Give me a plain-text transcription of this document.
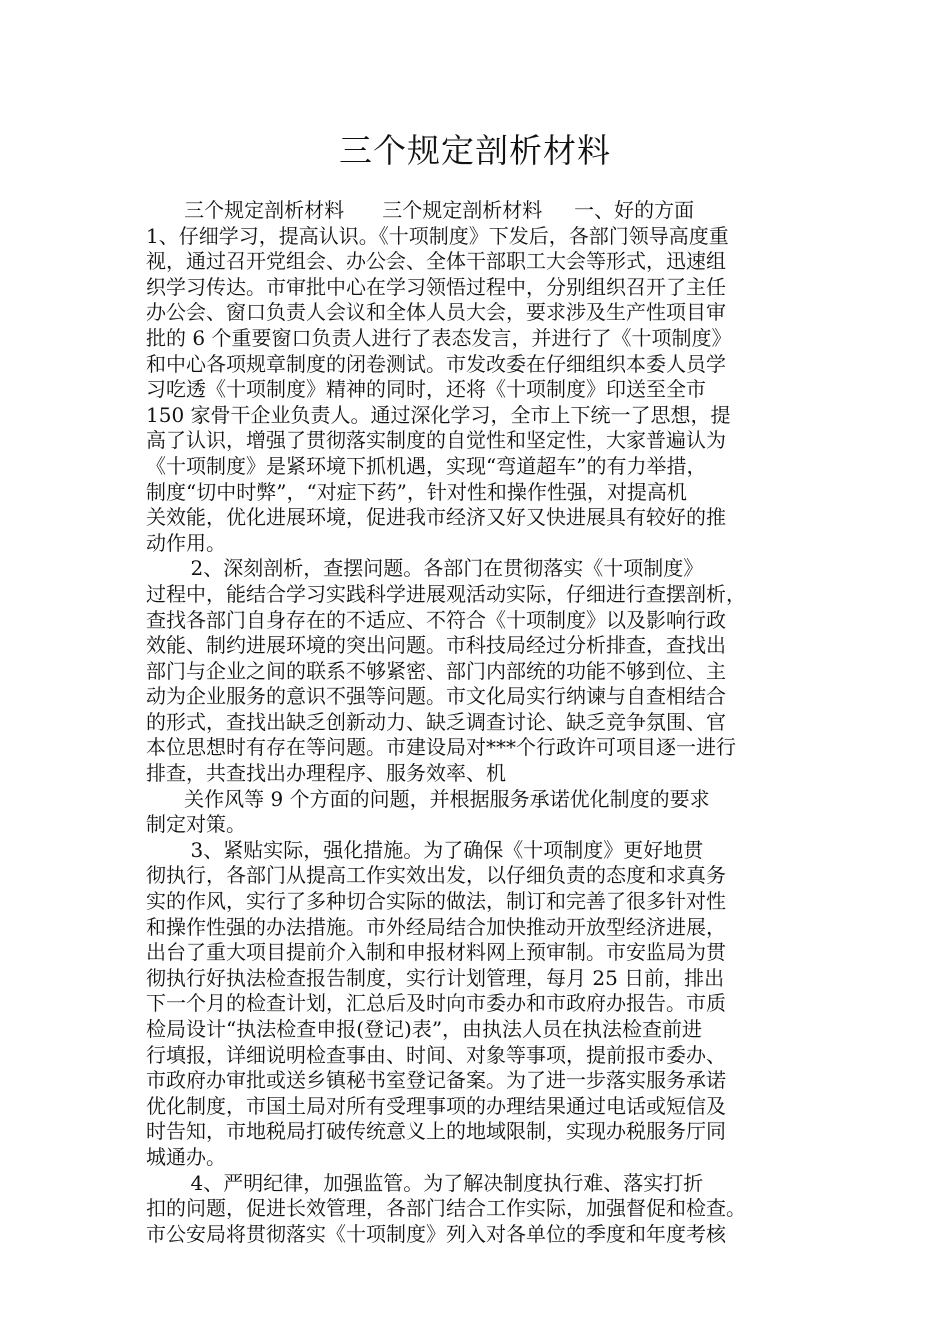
三个规定剖析材料
三个规定剖析材料      三个规定剖析材料     一、好的方面
1、仔细学习，提高认识。《十项制度》下发后，各部门领导高度重
视，通过召开党组会、办公会、全体干部职工大会等形式，迅速组
织学习传达。市审批中心在学习领悟过程中，分别组织召开了主任
办公会、窗口负责人会议和全体人员大会，要求涉及生产性项目审
批的 6 个重要窗口负责人进行了表态发言，并进行了《十项制度》
和中心各项规章制度的闭卷测试。市发改委在仔细组织本委人员学
习吃透《十项制度》精神的同时，还将《十项制度》印送至全市
150 家骨干企业负责人。通过深化学习，全市上下统一了思想，提
高了认识，增强了贯彻落实制度的自觉性和坚定性，大家普遍认为
《十项制度》是紧环境下抓机遇，实现“弯道超车”的有力举措，
制度“切中时弊”，“对症下药”，针对性和操作性强，对提高机
关效能，优化进展环境，促进我市经济又好又快进展具有较好的推
动作用。
2、深刻剖析，查摆问题。各部门在贯彻落实《十项制度》
过程中，能结合学习实践科学进展观活动实际，仔细进行查摆剖析，
查找各部门自身存在的不适应、不符合《十项制度》以及影响行政
效能、制约进展环境的突出问题。市科技局经过分析排查，查找出
部门与企业之间的联系不够紧密、部门内部统的功能不够到位、主
动为企业服务的意识不强等问题。市文化局实行纳谏与自查相结合
的形式，查找出缺乏创新动力、缺乏调查讨论、缺乏竞争氛围、官
本位思想时有存在等问题。市建设局对***个行政许可项目逐一进行
排查，共查找出办理程序、服务效率、机
关作风等 9 个方面的问题，并根据服务承诺优化制度的要求
制定对策。
3、紧贴实际，强化措施。为了确保《十项制度》更好地贯
彻执行，各部门从提高工作实效出发，以仔细负责的态度和求真务
实的作风，实行了多种切合实际的做法，制订和完善了很多针对性
和操作性强的办法措施。市外经局结合加快推动开放型经济进展，
出台了重大项目提前介入制和申报材料网上预审制。市安监局为贯
彻执行好执法检查报告制度，实行计划管理，每月 25 日前，排出
下一个月的检查计划，汇总后及时向市委办和市政府办报告。市质
检局设计“执法检查申报(登记)表”，由执法人员在执法检查前进
行填报，详细说明检查事由、时间、对象等事项，提前报市委办、
市政府办审批或送乡镇秘书室登记备案。为了进一步落实服务承诺
优化制度，市国土局对所有受理事项的办理结果通过电话或短信及
时告知，市地税局打破传统意义上的地域限制，实现办税服务厅同
城通办。
4、严明纪律，加强监管。为了解决制度执行难、落实打折
扣的问题，促进长效管理，各部门结合工作实际，加强督促和检查。
市公安局将贯彻落实《十项制度》列入对各单位的季度和年度考核
